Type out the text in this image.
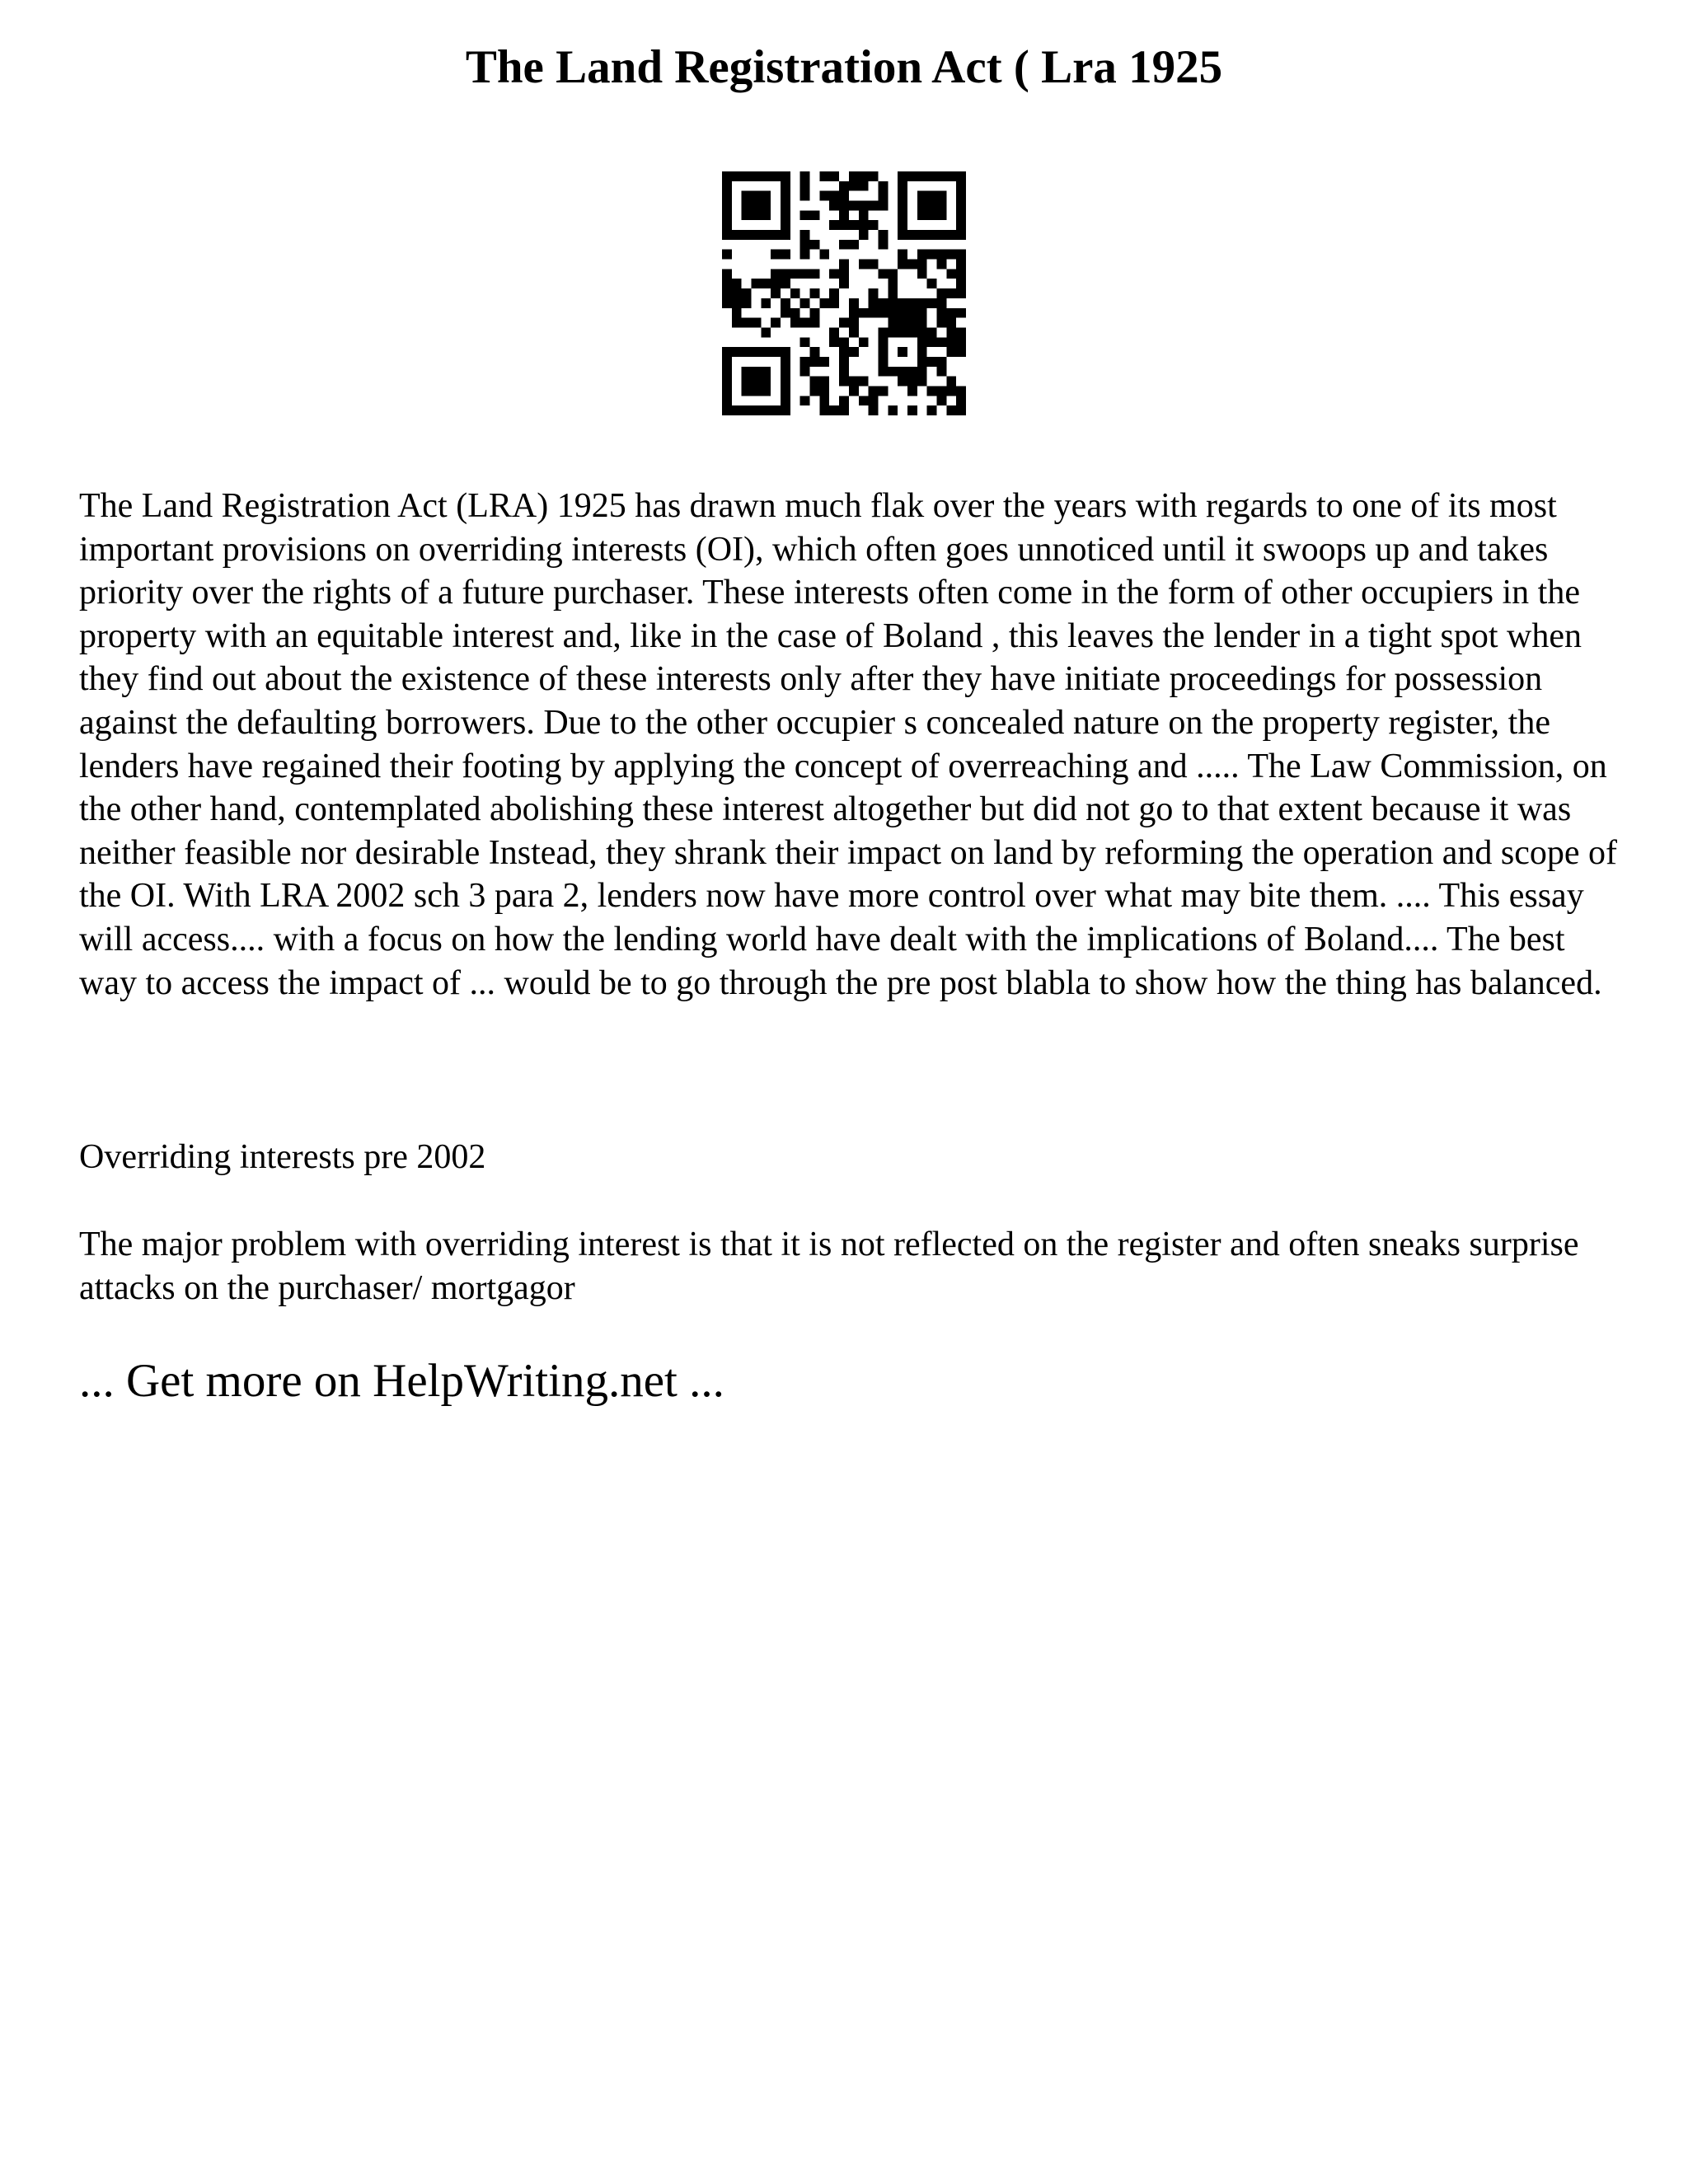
The Land Registration Act ( Lra 1925

The Land Registration Act (LRA) 1925 has drawn much flak over the years with regards to one of its most important provisions on overriding interests (OI), which often goes unnoticed until it swoops up and takes priority over the rights of a future purchaser. These interests often come in the form of other occupiers in the property with an equitable interest and, like in the case of Boland , this leaves the lender in a tight spot when they find out about the existence of these interests only after they have initiate proceedings for possession against the defaulting borrowers. Due to the other occupier s concealed nature on the property register, the lenders have regained their footing by applying the concept of overreaching and ..... The Law Commission, on the other hand, contemplated abolishing these interest altogether but did not go to that extent because it was neither feasible nor desirable Instead, they shrank their impact on land by reforming the operation and scope of the OI. With LRA 2002 sch 3 para 2, lenders now have more control over what may bite them. .... This essay will access.... with a focus on how the lending world have dealt with the implications of Boland.... The best way to access the impact of ... would be to go through the pre post blabla to show how the thing has balanced.

Overriding interests pre 2002

The major problem with overriding interest is that it is not reflected on the register and often sneaks surprise attacks on the purchaser/ mortgagor

... Get more on HelpWriting.net ...
